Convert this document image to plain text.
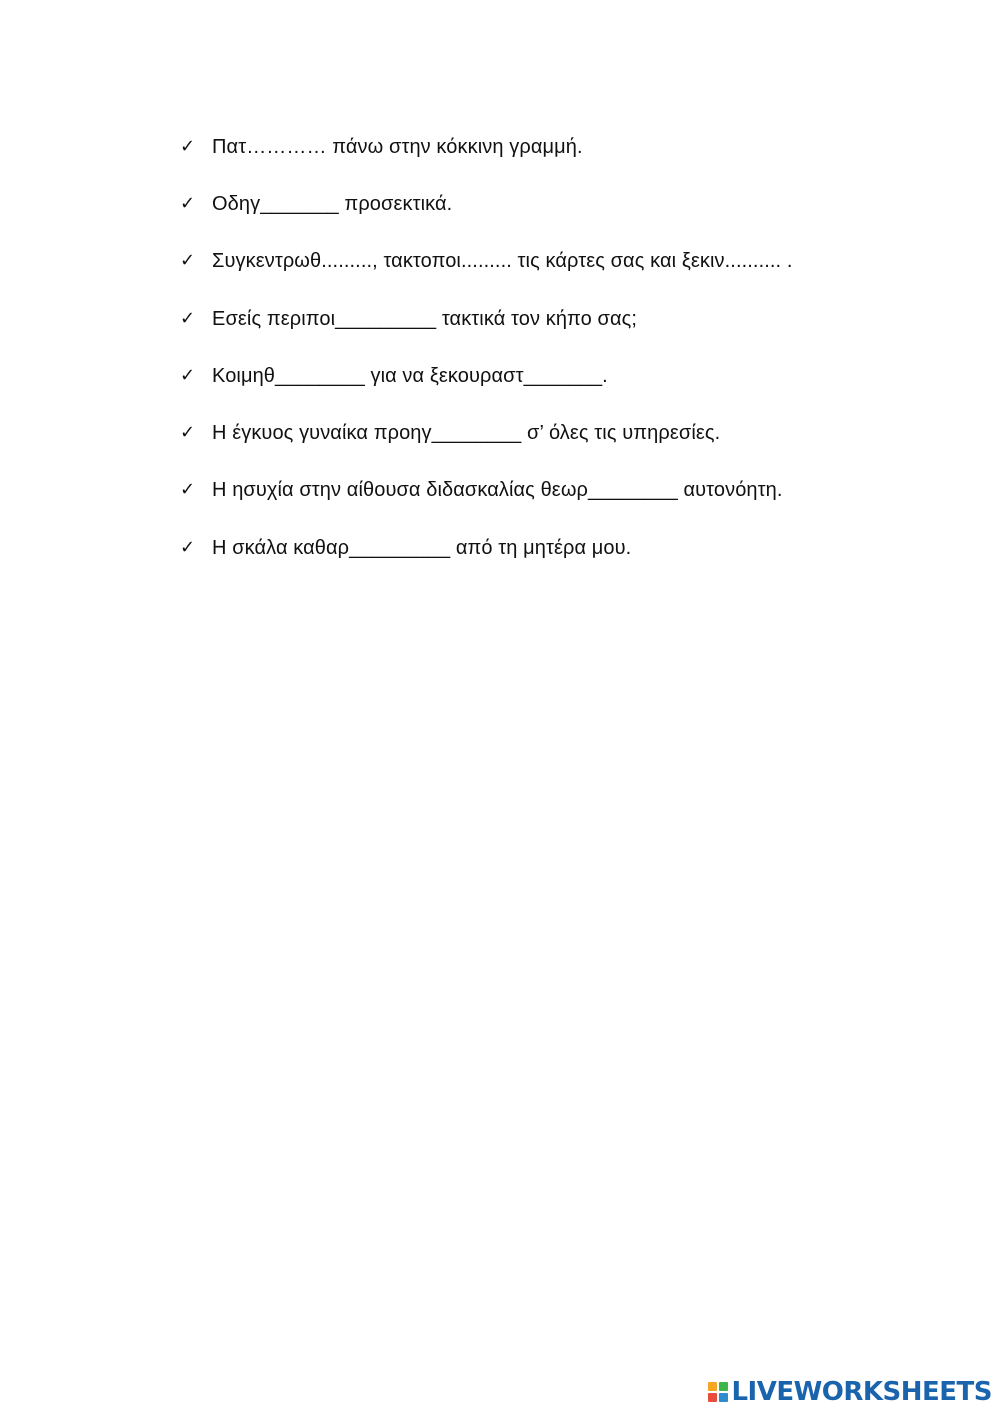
✓ Πατ………… πάνω στην κόκκινη γραμμή.
✓ Οδηγ_______ προσεκτικά.
✓ Συγκεντρωθ........., τακτοποι......... τις κάρτες σας και ξεκιν.......... .
✓ Εσείς περιποι_________ τακτικά τον κήπο σας;
✓ Κοιμηθ________ για να ξεκουραστ_______.
✓ Η έγκυος γυναίκα προηγ________ σ’ όλες τις υπηρεσίες.
✓ Η ησυχία στην αίθουσα διδασκαλίας θεωρ________ αυτονόητη.
✓ Η σκάλα καθαρ_________ από τη μητέρα μου.
LIVEWORKSHEETS
